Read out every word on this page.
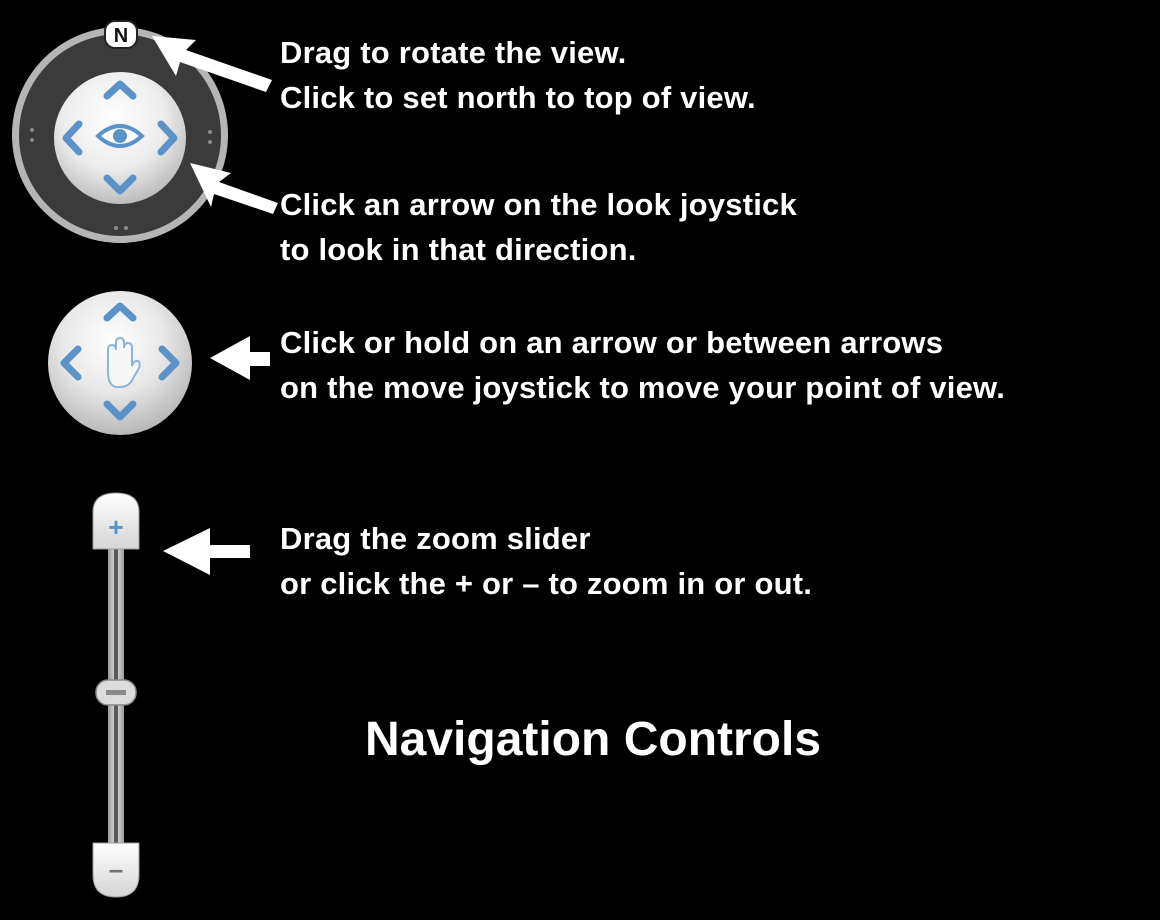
N
+
–
Drag to rotate the view.
Click to set north to top of view.
Click an arrow on the look joystick
to look in that direction.
Click or hold on an arrow or between arrows
on the move joystick to move your point of view.
Drag the zoom slider
or click the + or – to zoom in or out.
Navigation Controls
